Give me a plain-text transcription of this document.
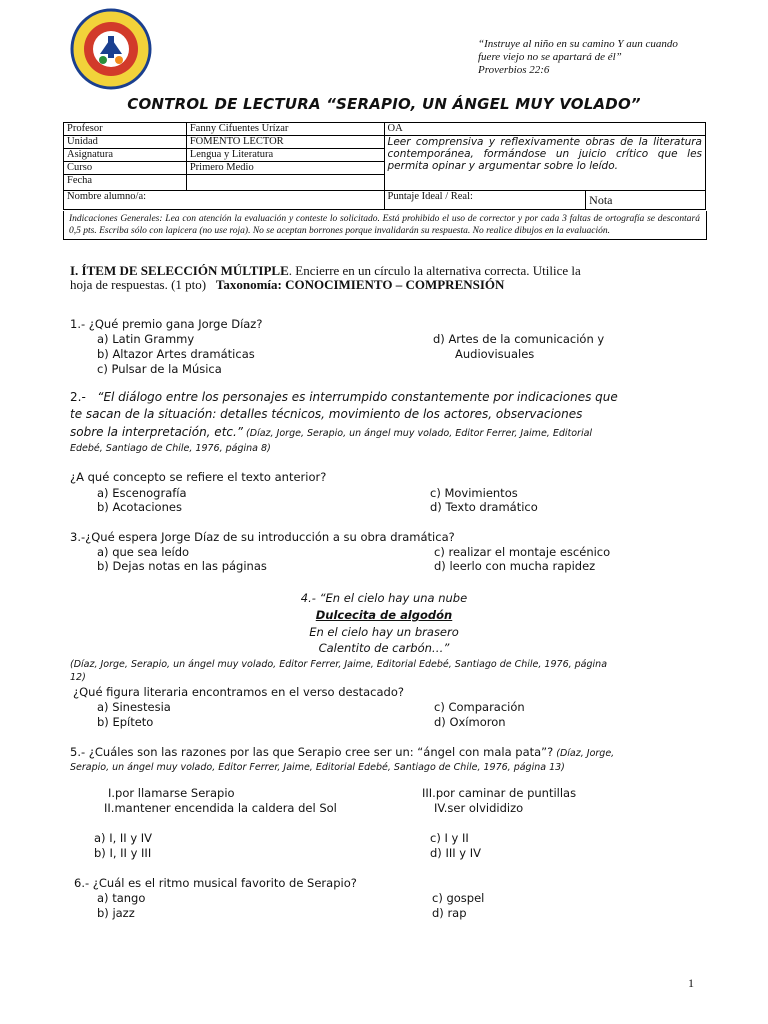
“Instruye al niño en su camino Y aun cuando
fuere viejo no se apartará de él”
Proverbios 22:6
CONTROL DE LECTURA “SERAPIO, UN ÁNGEL MUY VOLADO”
Profesor	Fanny Cifuentes Urízar	OA	
Unidad	FOMENTO LECTOR	Leer comprensiva y reflexivamente obras de la literatura contemporánea, formándose un juicio crítico que les permita opinar y argumentar sobre lo leído.	
Asignatura	Lengua y Literatura		
Curso	Primero Medio		
Fecha			
Nombre alumno/a:		Puntaje Ideal / Real:	Nota
Indicaciones Generales: Lea con atención la evaluación y conteste lo solicitado. Está prohibido el uso de corrector y por cada 3 faltas de ortografía se descontará 0,5 pts. Escriba sólo con lapicera (no use roja). No se aceptan borrones porque invalidarán su respuesta. No realice dibujos en la evaluación.
I. ÍTEM DE SELECCIÓN MÚLTIPLE. Encierre en un círculo la alternativa correcta. Utilice la
hoja de respuestas. (1 pto) Taxonomía: CONOCIMIENTO – COMPRENSIÓN
1.- ¿Qué premio gana Jorge Díaz?
a) Latin Grammy
b) Altazor Artes dramáticas
c) Pulsar de la Música
d) Artes de la comunicación y
Audiovisuales
2.- “El diálogo entre los personajes es interrumpido constantemente por indicaciones que
te sacan de la situación: detalles técnicos, movimiento de los actores, observaciones
sobre la interpretación, etc.” (Díaz, Jorge, Serapio, un ángel muy volado, Editor Ferrer, Jaime, Editorial
Edebé, Santiago de Chile, 1976, página 8)
¿A qué concepto se refiere el texto anterior?
a) Escenografía
b) Acotaciones
c) Movimientos
d) Texto dramático
3.-¿Qué espera Jorge Díaz de su introducción a su obra dramática?
a) que sea leído
b) Dejas notas en las páginas
c) realizar el montaje escénico
d) leerlo con mucha rapidez
4.- “En el cielo hay una nube
Dulcecita de algodón
En el cielo hay un brasero
Calentito de carbón…”
(Díaz, Jorge, Serapio, un ángel muy volado, Editor Ferrer, Jaime, Editorial Edebé, Santiago de Chile, 1976, página
12)
¿Qué figura literaria encontramos en el verso destacado?
a) Sinestesia
b) Epíteto
c) Comparación
d) Oxímoron
5.- ¿Cuáles son las razones por las que Serapio cree ser un: “ángel con mala pata”? (Díaz, Jorge,
Serapio, un ángel muy volado, Editor Ferrer, Jaime, Editorial Edebé, Santiago de Chile, 1976, página 13)
I.por llamarse Serapio
II.mantener encendida la caldera del Sol
III.por caminar de puntillas
IV.ser olvididizo
a) I, II y IV
b) I, II y III
c) I y II
d) III y IV
6.- ¿Cuál es el ritmo musical favorito de Serapio?
a) tango
b) jazz
c) gospel
d) rap
1
